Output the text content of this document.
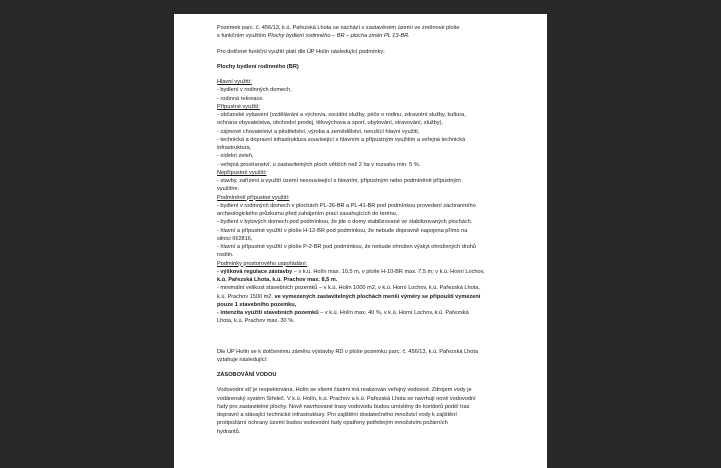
Pozemek parc. č. 456/13, k.ú. Pařezská Lhota se nachází v zastavěném území ve změnové ploše

s funkčním využitím Plochy bydlení rodinného – BR – plocha změn PL 13-BR.

Pro dotčené funkční využití platí dle ÚP Holín následující podmínky:

Plochy bydlení rodinného (BR)

Hlavní využití:

- bydlení v rodinných domech,

- rodinná rekreace.

Přípustné využití:

- občanské vybavení (vzdělávání a výchova, sociální služby, péče o rodinu, zdravotní služby, kultura,

ochrana obyvatelstva, obchodní prodej, tělovýchova a sport, ubytování, stravování, služby),

- zájmové chovatelství a pěstitelství, výroba a zemědělství, nerušící hlavní využití,

- technická a dopravní infrastruktura související s hlavním a přípustným využitím a veřejná technická

infrastruktura,

- sídelní zeleň,

- veřejná prostranství; u zastavitelných ploch větších než 2 ha v rozsahu min. 5 %.

Nepřípustné využití:

- stavby, zařízení a využití území nesouvisející s hlavním, přípustným nebo podmíněně přípustným

využitím.

Podmíněně přípustné využití:

- bydlení v rodinných domech v plochách PL-36-BR a PL-41-BR pod podmínkou provedení záchranného

archeologického průzkumu před zahájením prací zasahujících do terénu,

- bydlení v bytových domech pod podmínkou, že jde o domy stabilizované ve stabilizovaných plochách.

- hlavní a přípustné využití v ploše H-12-BR pod podmínkou, že nebude dopravně napojena přímo na

silnici III/2816,

- hlavní a přípustné využití v ploše P-2-BR pod podmínkou, že nebude ohrožen výskyt ohrožených druhů

rostlin.

Podmínky prostorového uspořádání:

- výšková regulace zástavby – v k.ú. Holín max. 10,5 m, v ploše H-10-BR max. 7,5 m; v k.ú. Horní Lochov,

k.ú. Pařezská Lhota, k.ú. Prachov max. 8,5 m.

- minimální velikost stavebních pozemků – v k.ú. Holín 1000 m2, v k.ú. Horní Lochov, k.ú. Pařezská Lhota,

k.ú. Prachov 1500 m2, ve vymezených zastavitelných plochách menší výměry se připouští vymezení

pouze 1 stavebního pozemku,

- intenzita využití stavebních pozemků – v k.ú. Holín max. 40 %, v k.ú. Horní Lochov, k.ú. Pařezská

Lhota, k.ú. Prachov max. 30 %.

Dle ÚP Holín se k dotčenému záměru výstavby RD v ploše pozemku parc. č. 456/13, k.ú. Pařezská Lhota

vztahuje následující:

ZÁSOBOVÁNÍ VODOU

Vodovodní síť je respektována. Holín se všemi částmi má realizován veřejný vodovod. Zdrojem vody je

vodárenský systém Střeleč. V k.ú. Holín, k.ú. Prachov a k.ú. Pařezská Lhota se navrhují nové vodovodní

řady pro zastavitelné plochy. Nově navrhované trasy vodovodu budou umístěny do koridorů podél tras

dopravní a stávající technické infrastruktury. Pro zajištění dostatečného množství vody k zajištění

protipožární ochrany území budou vodovodní řady opatřeny potřebným množstvím požárních

hydrantů.
